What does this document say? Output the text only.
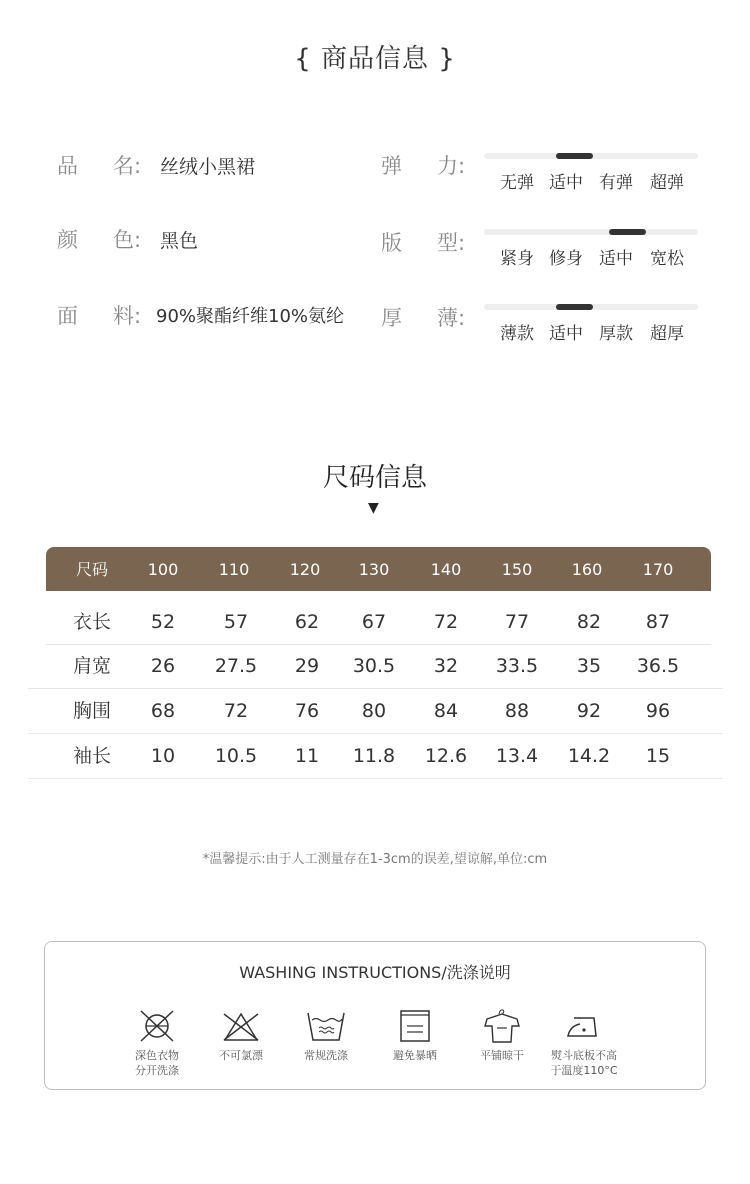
{ 商品信息 }
品 名: 丝绒小黑裙
颜 色: 黑色
面 料: 90%聚酯纤维10%氨纶
弹 力:
无弹 适中 有弹	超弹
版 型:
紧身 修身 适中	宽松
厚 薄:
薄款 适中 厚款	超厚
尺码信息
▼
尺码	100	110	120	130	140	150	160	170
衣长	52	57	62	67	72	77	82	87
肩宽	26	27.5	29	30.5	32	33.5	35	36.5
胸围	68	72	76	80	84	88	92	96
袖长	10	10.5	11	11.8	12.6	13.4	14.2	15
*温馨提示:由于人工测量存在1-3cm的误差,望谅解,单位:cm
WASHING INSTRUCTIONS/洗涤说明
深色衣物
分开洗涤
不可氯漂	常规洗涤	避免暴晒	平铺晾干	熨斗底板不高
于温度110°C
